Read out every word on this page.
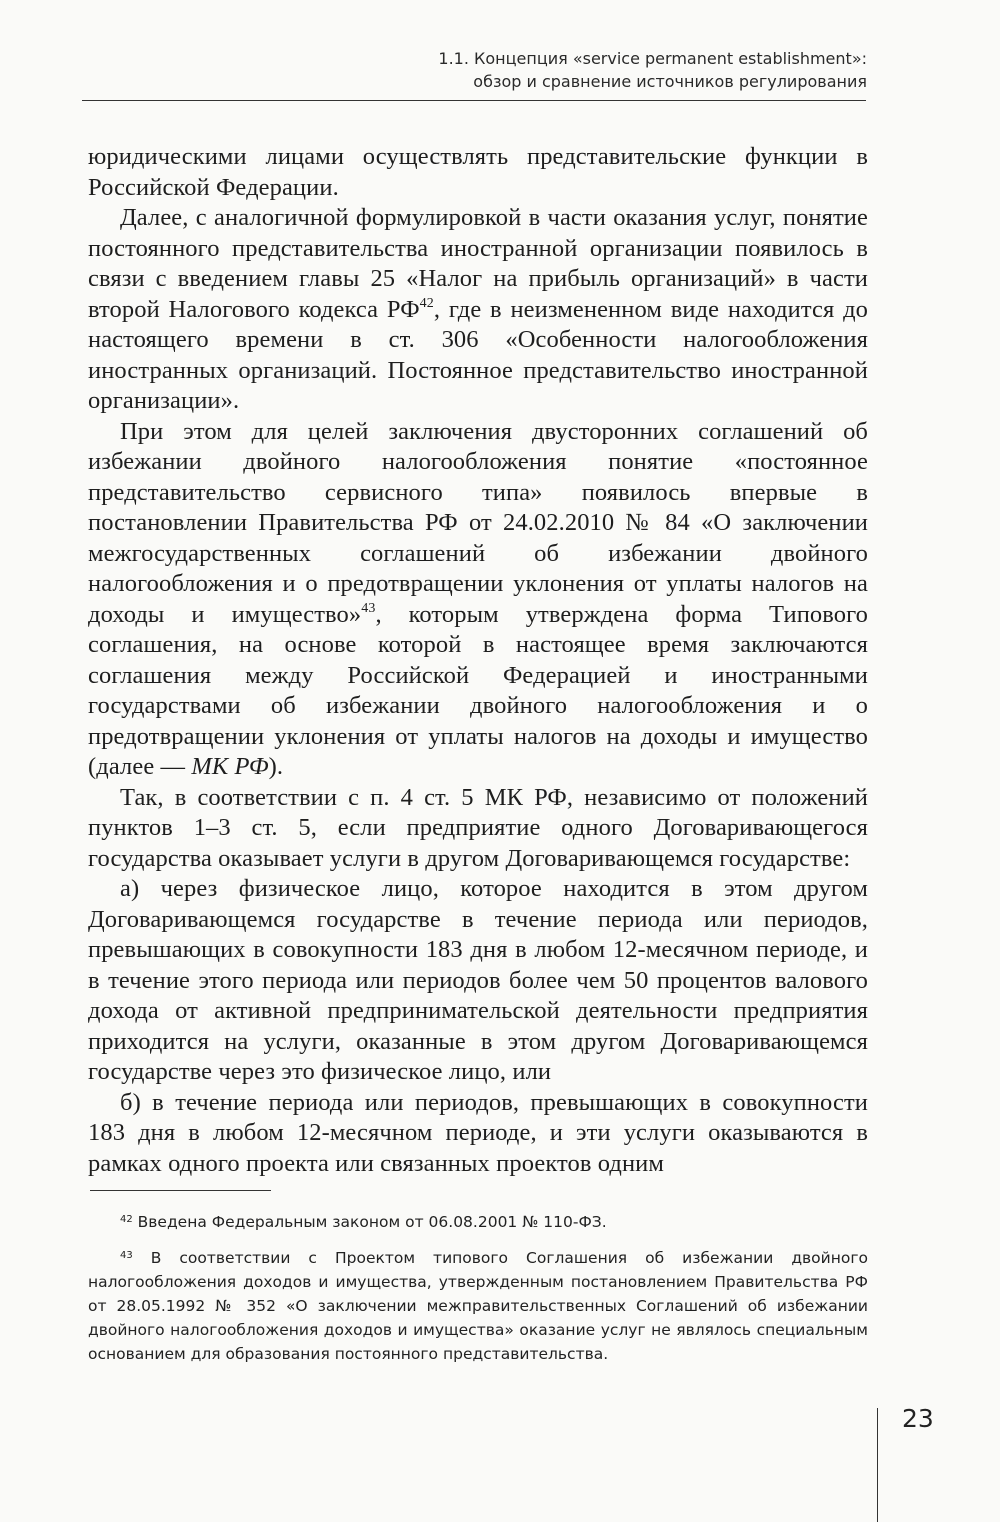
1.1. Концепция «service permanent establishment»:
обзор и сравнение источников регулирования

юридическими лицами осуществлять представительские функции в Российской Федерации.

Далее, с аналогичной формулировкой в части оказания услуг, понятие постоянного представительства иностранной организации появилось в связи с введением главы 25 «Налог на прибыль организаций» в части второй Налогового кодекса РФ$^{42}$, где в неизмененном виде находится до настоящего времени в ст. 306 «Особенности налогообложения иностранных организаций. Постоянное представительство иностранной организации».

При этом для целей заключения двусторонних соглашений об избежании двойного налогообложения понятие «постоянное представительство сервисного типа» появилось впервые в постановлении Правительства РФ от 24.02.2010 № 84 «О заключении межгосударственных соглашений об избежании двойного налогообложения и о предотвращении уклонения от уплаты налогов на доходы и имущество»$^{43}$, которым утверждена форма Типового соглашения, на основе которой в настоящее время заключаются соглашения между Российской Федерацией и иностранными государствами об избежании двойного налогообложения и о предотвращении уклонения от уплаты налогов на доходы и имущество (далее — МК РФ).

Так, в соответствии с п. 4 ст. 5 МК РФ, независимо от положений пунктов 1–3 ст. 5, если предприятие одного Договаривающегося государства оказывает услуги в другом Договаривающемся государстве:

а) через физическое лицо, которое находится в этом другом Договаривающемся государстве в течение периода или периодов, превышающих в совокупности 183 дня в любом 12-месячном периоде, и в течение этого периода или периодов более чем 50 процентов валового дохода от активной предпринимательской деятельности предприятия приходится на услуги, оказанные в этом другом Договаривающемся государстве через это физическое лицо, или

б) в течение периода или периодов, превышающих в совокупности 183 дня в любом 12-месячном периоде, и эти услуги оказываются в рамках одного проекта или связанных проектов одним

$^{42}$ Введена Федеральным законом от 06.08.2001 № 110-ФЗ.

$^{43}$ В соответствии с Проектом типового Соглашения об избежании двойного налогообложения доходов и имущества, утвержденным постановлением Правительства РФ от 28.05.1992 № 352 «О заключении межправительственных Соглашений об избежании двойного налогообложения доходов и имущества» оказание услуг не являлось специальным основанием для образования постоянного представительства.

23
